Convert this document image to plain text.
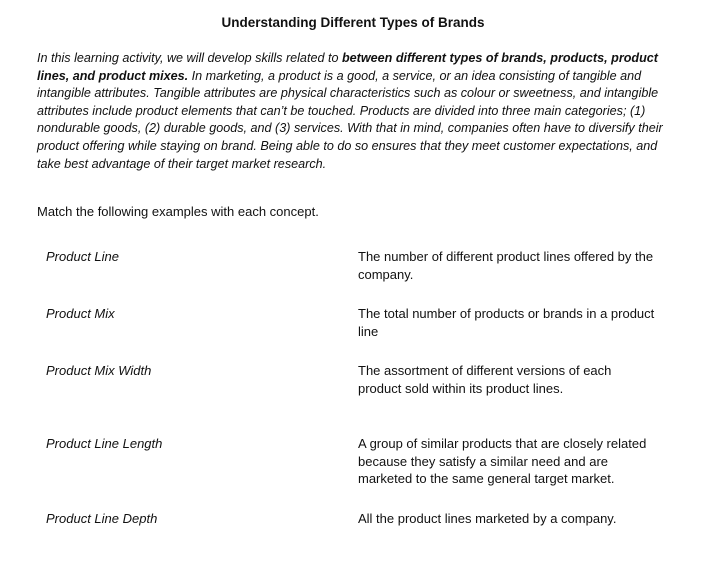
Understanding Different Types of Brands

In this learning activity, we will develop skills related to between different types of brands, products, product lines, and product mixes. In marketing, a product is a good, a service, or an idea consisting of tangible and intangible attributes. Tangible attributes are physical characteristics such as colour or sweetness, and intangible attributes include product elements that can’t be touched. Products are divided into three main categories; (1) nondurable goods, (2) durable goods, and (3) services. With that in mind, companies often have to diversify their product offering while staying on brand. Being able to do so ensures that they meet customer expectations, and take best advantage of their target market research.

Match the following examples with each concept.
Product Line
Product Mix
Product Mix Width
Product Line Length
Product Line Depth
The number of different product lines offered by the company.
The total number of products or brands in a product line
The assortment of different versions of each product sold within its product lines.
A group of similar products that are closely related because they satisfy a similar need and are marketed to the same general target market.
All the product lines marketed by a company.
